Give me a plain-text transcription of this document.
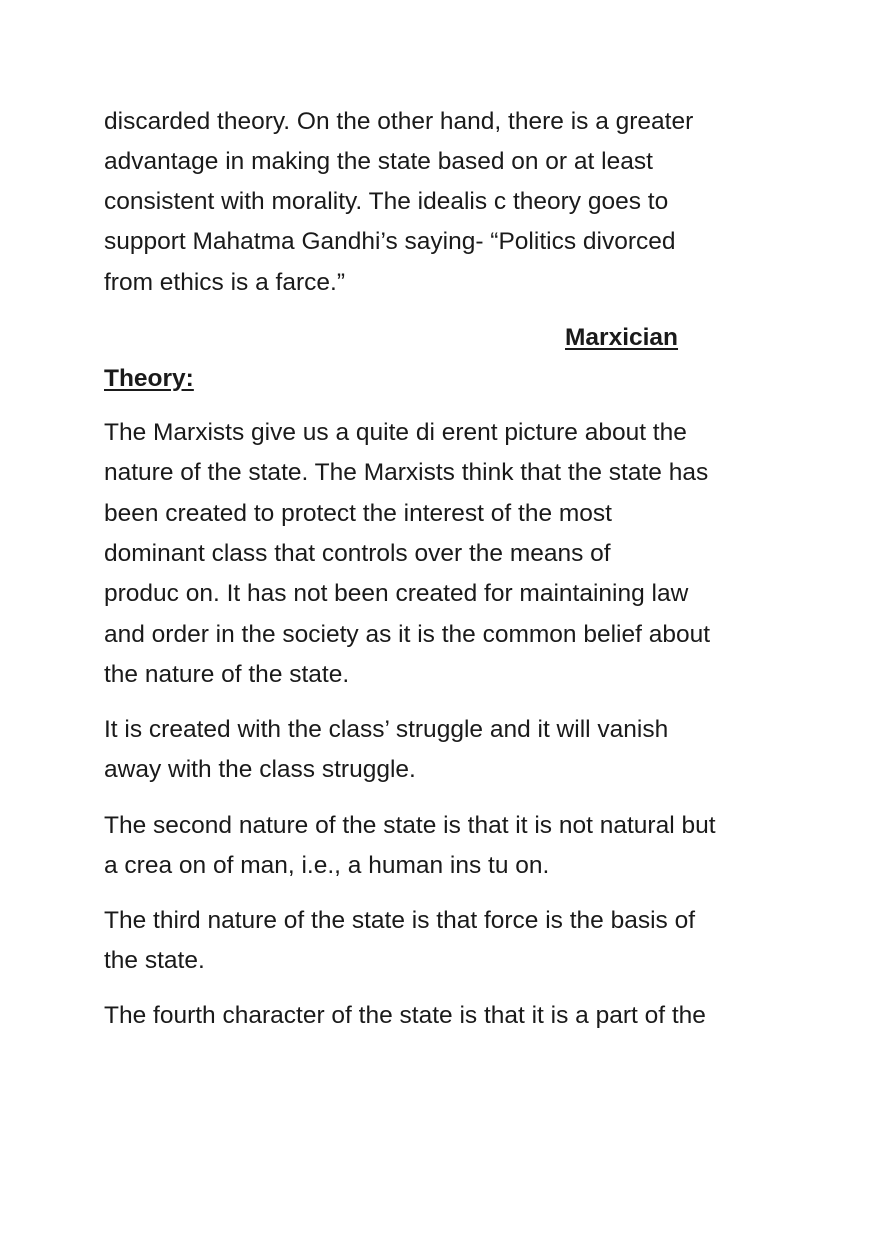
discarded theory. On the other hand, there is a greater
advantage in making the state based on or at least
consistent with morality. The idealis c theory goes to
support Mahatma Gandhi’s saying- “Politics divorced
from ethics is a farce.”
Marxician
Theory:
The Marxists give us a quite di erent picture about the
nature of the state. The Marxists think that the state has
been created to protect the interest of the most
dominant class that controls over the means of
produc on. It has not been created for maintaining law
and order in the society as it is the common belief about
the nature of the state.
It is created with the class’ struggle and it will vanish
away with the class struggle.
The second nature of the state is that it is not natural but
a crea on of man, i.e., a human ins tu on.
The third nature of the state is that force is the basis of
the state.
The fourth character of the state is that it is a part of the
